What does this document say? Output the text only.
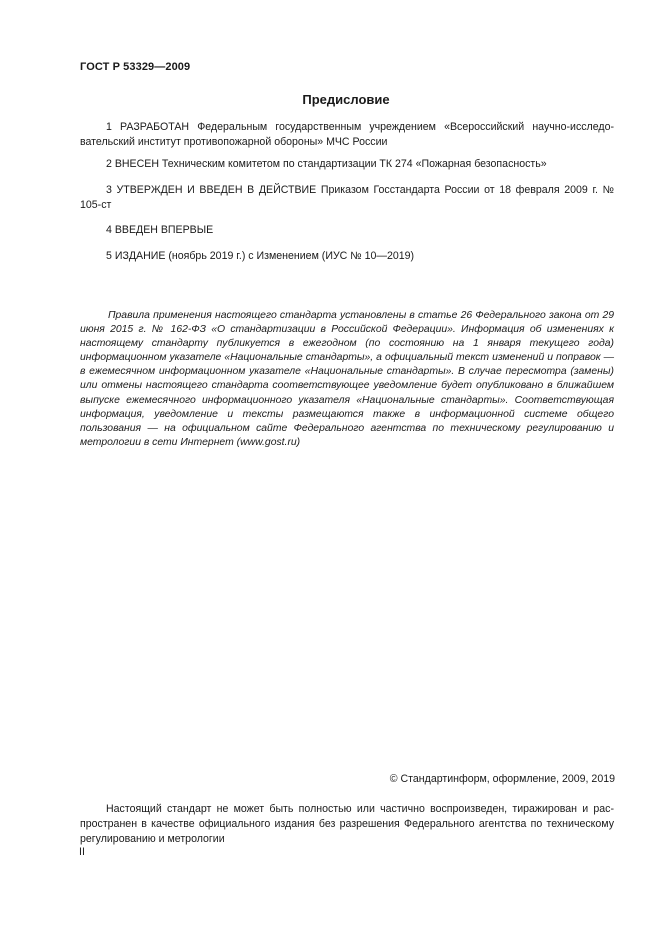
ГОСТ Р 53329—2009
Предисловие
1 РАЗРАБОТАН Федеральным государственным учреждением «Всероссийский научно-исследовательский институт противопожарной обороны» МЧС России
2 ВНЕСЕН Техническим комитетом по стандартизации ТК 274 «Пожарная безопасность»
3 УТВЕРЖДЕН И ВВЕДЕН В ДЕЙСТВИЕ Приказом Госстандарта России от 18 февраля 2009 г. № 105-ст
4 ВВЕДЕН ВПЕРВЫЕ
5 ИЗДАНИЕ (ноябрь 2019 г.) с Изменением (ИУС № 10—2019)
Правила применения настоящего стандарта установлены в статье 26 Федерального закона от 29 июня 2015 г. № 162-ФЗ «О стандартизации в Российской Федерации». Информация об изменениях к настоящему стандарту публикуется в ежегодном (по состоянию на 1 января текущего года) информационном указателе «Национальные стандарты», а официальный текст изменений и поправок — в ежемесячном информационном указателе «Национальные стандарты». В случае пересмотра (замены) или отмены настоящего стандарта соответствующее уведомление будет опубликовано в ближайшем выпуске ежемесячного информационного указателя «Национальные стандарты». Соответствующая информация, уведомление и тексты размещаются также в информационной системе общего пользования — на официальном сайте Федерального агентства по техническому регулированию и метрологии в сети Интернет (www.gost.ru)
© Стандартинформ, оформление, 2009, 2019
Настоящий стандарт не может быть полностью или частично воспроизведен, тиражирован и распространен в качестве официального издания без разрешения Федерального агентства по техническому регулированию и метрологии
II
